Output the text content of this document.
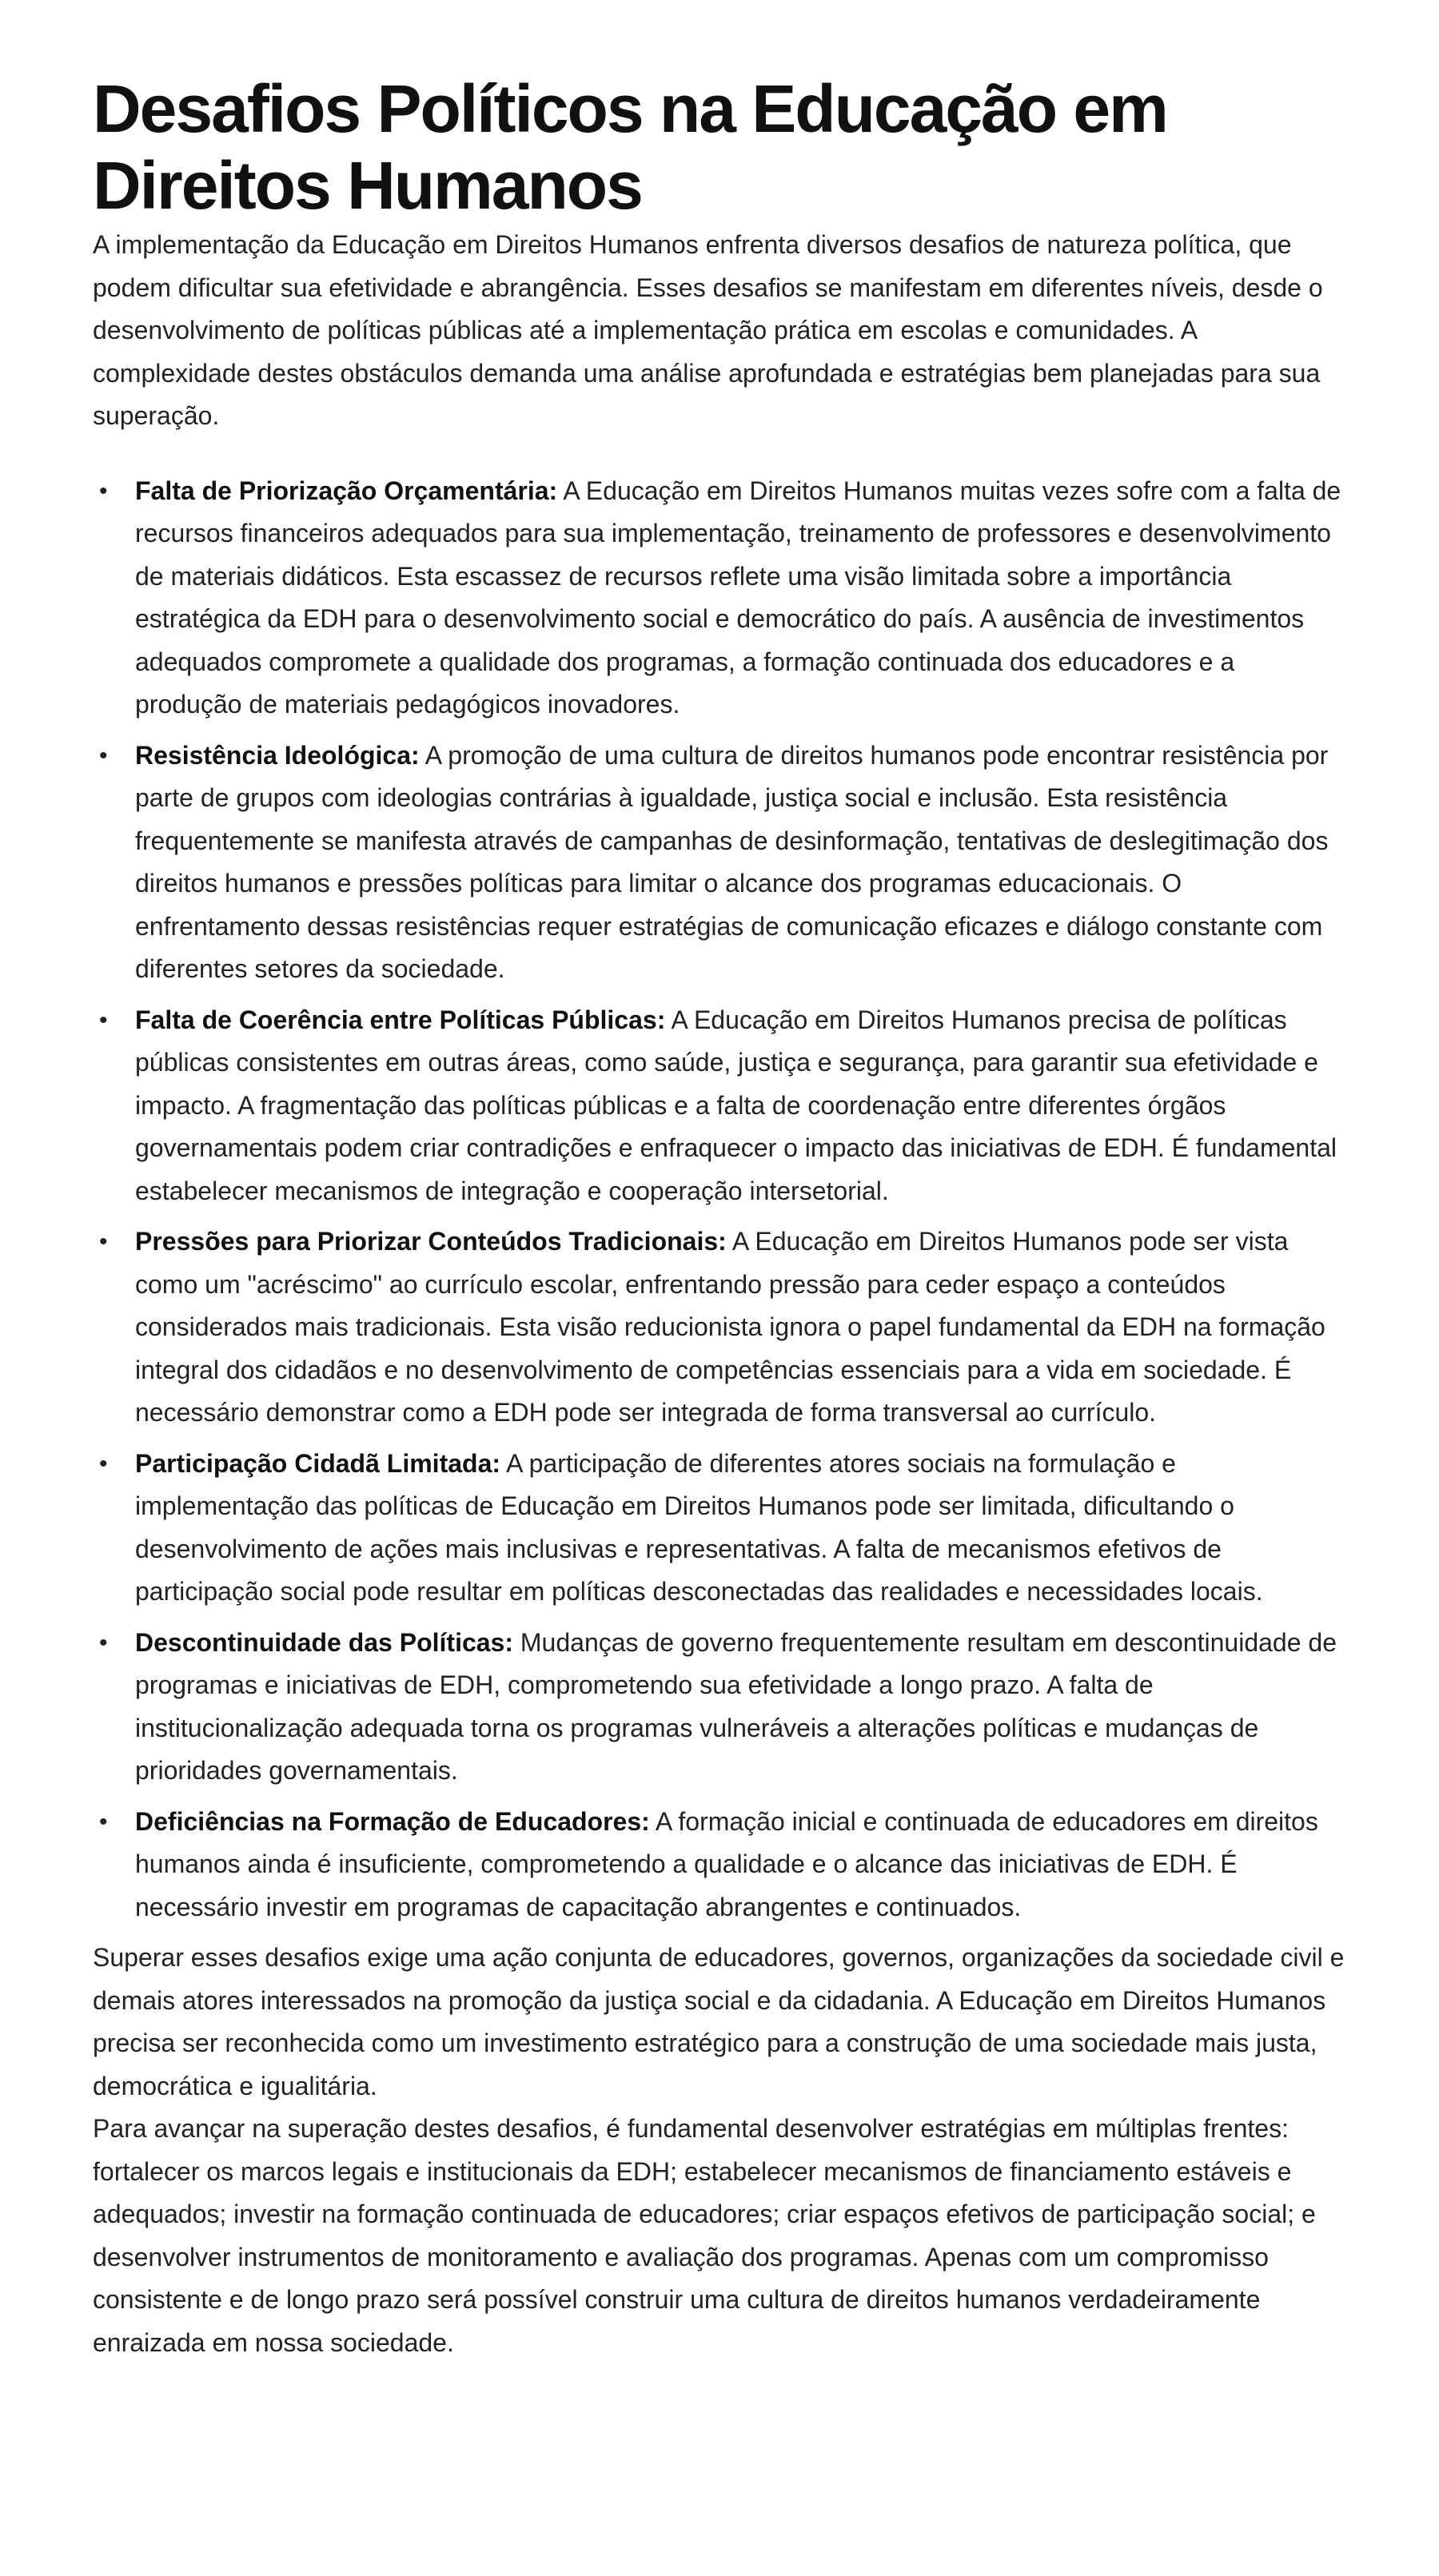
Desafios Políticos na Educação em Direitos Humanos

A implementação da Educação em Direitos Humanos enfrenta diversos desafios de natureza política, que podem dificultar sua efetividade e abrangência. Esses desafios se manifestam em diferentes níveis, desde o desenvolvimento de políticas públicas até a implementação prática em escolas e comunidades. A complexidade destes obstáculos demanda uma análise aprofundada e estratégias bem planejadas para sua superação.

• Falta de Priorização Orçamentária: A Educação em Direitos Humanos muitas vezes sofre com a falta de recursos financeiros adequados para sua implementação, treinamento de professores e desenvolvimento de materiais didáticos. Esta escassez de recursos reflete uma visão limitada sobre a importância estratégica da EDH para o desenvolvimento social e democrático do país. A ausência de investimentos adequados compromete a qualidade dos programas, a formação continuada dos educadores e a produção de materiais pedagógicos inovadores.
• Resistência Ideológica: A promoção de uma cultura de direitos humanos pode encontrar resistência por parte de grupos com ideologias contrárias à igualdade, justiça social e inclusão. Esta resistência frequentemente se manifesta através de campanhas de desinformação, tentativas de deslegitimação dos direitos humanos e pressões políticas para limitar o alcance dos programas educacionais. O enfrentamento dessas resistências requer estratégias de comunicação eficazes e diálogo constante com diferentes setores da sociedade.
• Falta de Coerência entre Políticas Públicas: A Educação em Direitos Humanos precisa de políticas públicas consistentes em outras áreas, como saúde, justiça e segurança, para garantir sua efetividade e impacto. A fragmentação das políticas públicas e a falta de coordenação entre diferentes órgãos governamentais podem criar contradições e enfraquecer o impacto das iniciativas de EDH. É fundamental estabelecer mecanismos de integração e cooperação intersetorial.
• Pressões para Priorizar Conteúdos Tradicionais: A Educação em Direitos Humanos pode ser vista como um "acréscimo" ao currículo escolar, enfrentando pressão para ceder espaço a conteúdos considerados mais tradicionais. Esta visão reducionista ignora o papel fundamental da EDH na formação integral dos cidadãos e no desenvolvimento de competências essenciais para a vida em sociedade. É necessário demonstrar como a EDH pode ser integrada de forma transversal ao currículo.
• Participação Cidadã Limitada: A participação de diferentes atores sociais na formulação e implementação das políticas de Educação em Direitos Humanos pode ser limitada, dificultando o desenvolvimento de ações mais inclusivas e representativas. A falta de mecanismos efetivos de participação social pode resultar em políticas desconectadas das realidades e necessidades locais.
• Descontinuidade das Políticas: Mudanças de governo frequentemente resultam em descontinuidade de programas e iniciativas de EDH, comprometendo sua efetividade a longo prazo. A falta de institucionalização adequada torna os programas vulneráveis a alterações políticas e mudanças de prioridades governamentais.
• Deficiências na Formação de Educadores: A formação inicial e continuada de educadores em direitos humanos ainda é insuficiente, comprometendo a qualidade e o alcance das iniciativas de EDH. É necessário investir em programas de capacitação abrangentes e continuados.

Superar esses desafios exige uma ação conjunta de educadores, governos, organizações da sociedade civil e demais atores interessados na promoção da justiça social e da cidadania. A Educação em Direitos Humanos precisa ser reconhecida como um investimento estratégico para a construção de uma sociedade mais justa, democrática e igualitária.

Para avançar na superação destes desafios, é fundamental desenvolver estratégias em múltiplas frentes: fortalecer os marcos legais e institucionais da EDH; estabelecer mecanismos de financiamento estáveis e adequados; investir na formação continuada de educadores; criar espaços efetivos de participação social; e desenvolver instrumentos de monitoramento e avaliação dos programas. Apenas com um compromisso consistente e de longo prazo será possível construir uma cultura de direitos humanos verdadeiramente enraizada em nossa sociedade.
